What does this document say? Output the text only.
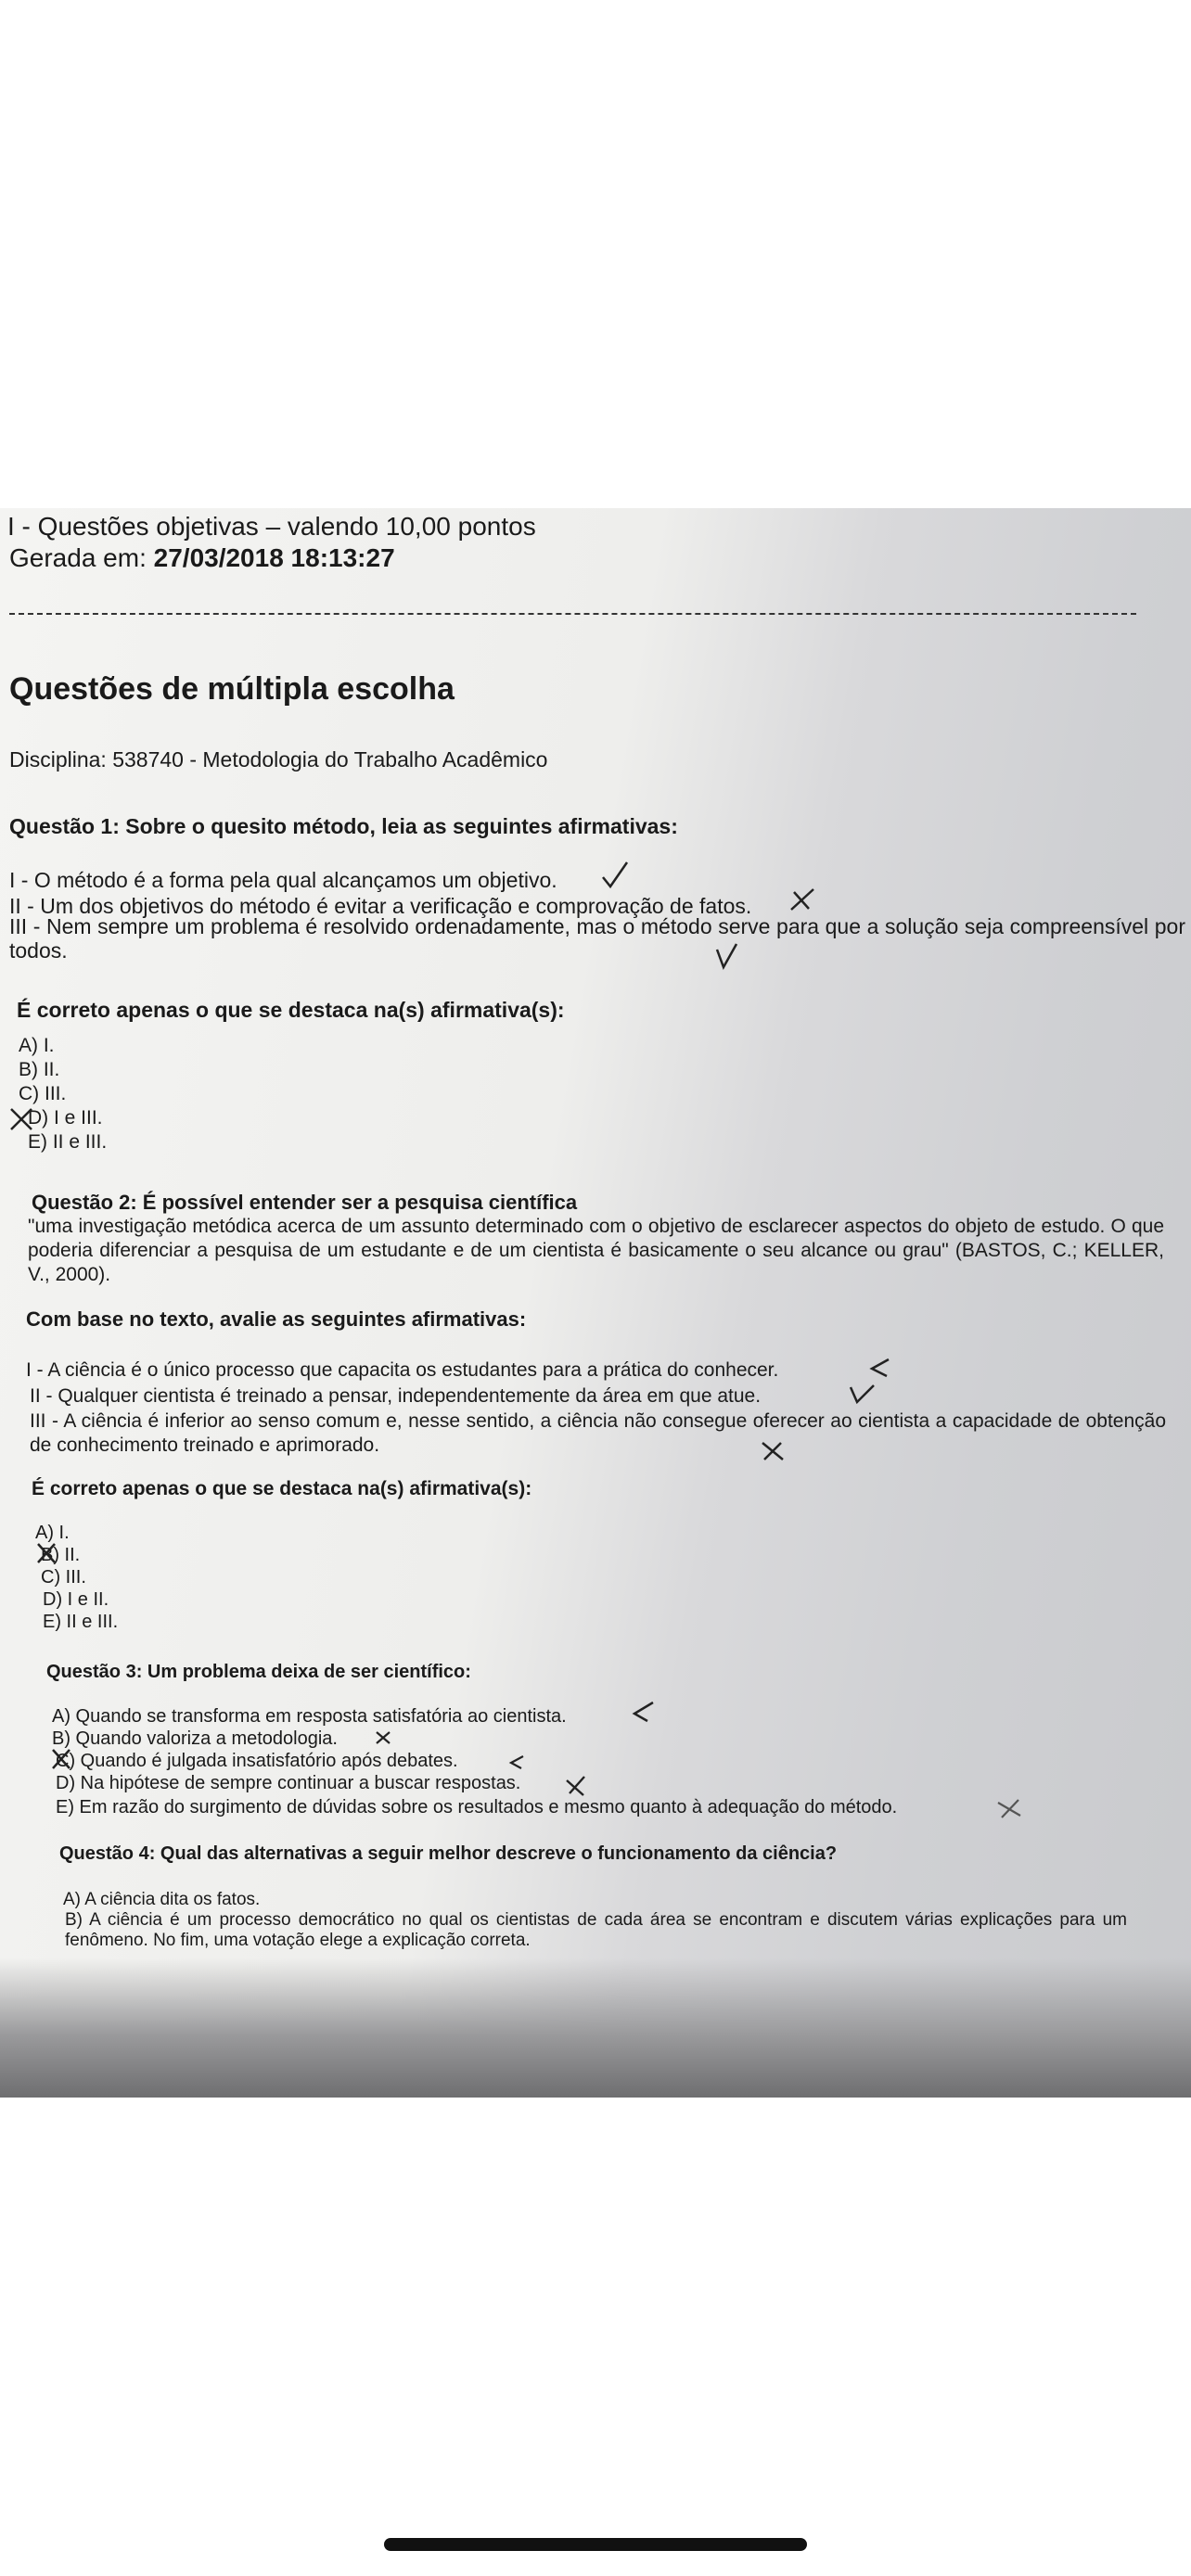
I - Questões objetivas – valendo 10,00 pontos
Gerada em: 27/03/2018 18:13:27
Questões de múltipla escolha
Disciplina: 538740 - Metodologia do Trabalho Acadêmico
Questão 1: Sobre o quesito método, leia as seguintes afirmativas:
I - O método é a forma pela qual alcançamos um objetivo.
II - Um dos objetivos do método é evitar a verificação e comprovação de fatos.
III - Nem sempre um problema é resolvido ordenadamente, mas o método serve para que a solução seja compreensível por todos.
É correto apenas o que se destaca na(s) afirmativa(s):
A) I.
B) II.
C) III.
D) I e III.
E) II e III.
Questão 2: É possível entender ser a pesquisa científica
"uma investigação metódica acerca de um assunto determinado com o objetivo de esclarecer aspectos do objeto de estudo. O que poderia diferenciar a pesquisa de um estudante e de um cientista é basicamente o seu alcance ou grau" (BASTOS, C.; KELLER, V., 2000).
Com base no texto, avalie as seguintes afirmativas:
I - A ciência é o único processo que capacita os estudantes para a prática do conhecer.
II - Qualquer cientista é treinado a pensar, independentemente da área em que atue.
III - A ciência é inferior ao senso comum e, nesse sentido, a ciência não consegue oferecer ao cientista a capacidade de obtenção de conhecimento treinado e aprimorado.
É correto apenas o que se destaca na(s) afirmativa(s):
A) I.
B) II.
C) III.
D) I e II.
E) II e III.
Questão 3: Um problema deixa de ser científico:
A) Quando se transforma em resposta satisfatória ao cientista.
B) Quando valoriza a metodologia.
C) Quando é julgada insatisfatório após debates.
D) Na hipótese de sempre continuar a buscar respostas.
E) Em razão do surgimento de dúvidas sobre os resultados e mesmo quanto à adequação do método.
Questão 4: Qual das alternativas a seguir melhor descreve o funcionamento da ciência?
A) A ciência dita os fatos.
B) A ciência é um processo democrático no qual os cientistas de cada área se encontram e discutem várias explicações para um fenômeno. No fim, uma votação elege a explicação correta.
